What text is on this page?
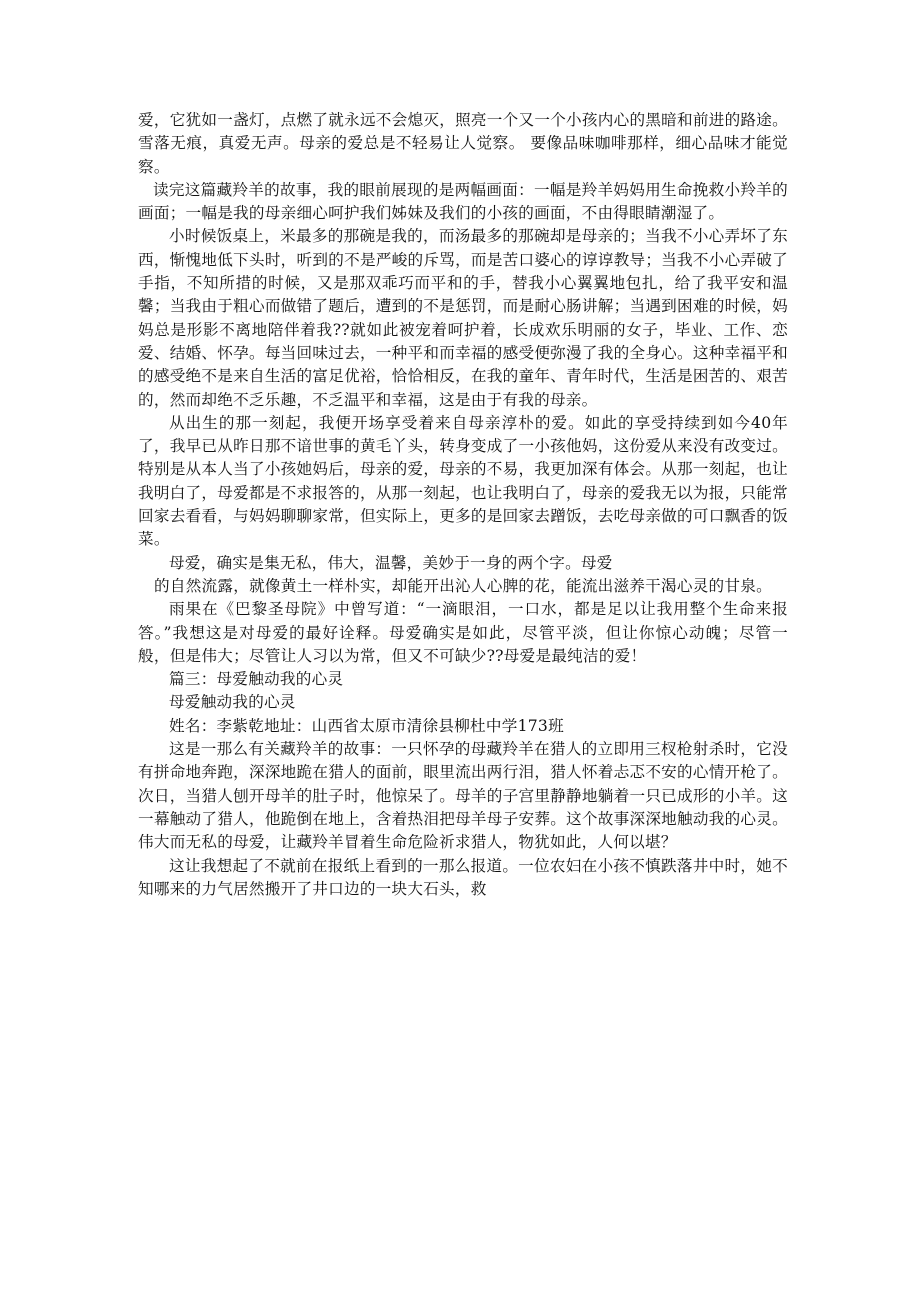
爱，它犹如一盏灯，点燃了就永远不会熄灭，照亮一个又一个小孩内心的黑暗和前进的路途。雪落无痕，真爱无声。母亲的爱总是不轻易让人觉察。 要像品味咖啡那样，细心品味才能觉察。

读完这篇藏羚羊的故事，我的眼前展现的是两幅画面：一幅是羚羊妈妈用生命挽救小羚羊的画面；一幅是我的母亲细心呵护我们姊妹及我们的小孩的画面，不由得眼睛潮湿了。

小时候饭桌上，米最多的那碗是我的，而汤最多的那碗却是母亲的；当我不小心弄坏了东西，惭愧地低下头时，听到的不是严峻的斥骂，而是苦口婆心的谆谆教导；当我不小心弄破了手指，不知所措的时候，又是那双乖巧而平和的手，替我小心翼翼地包扎，给了我平安和温馨；当我由于粗心而做错了题后，遭到的不是惩罚，而是耐心肠讲解；当遇到困难的时候，妈妈总是形影不离地陪伴着我??就如此被宠着呵护着，长成欢乐明丽的女子，毕业、工作、恋爱、结婚、怀孕。每当回味过去，一种平和而幸福的感受便弥漫了我的全身心。这种幸福平和的感受绝不是来自生活的富足优裕，恰恰相反，在我的童年、青年时代，生活是困苦的、艰苦的，然而却绝不乏乐趣，不乏温平和幸福，这是由于有我的母亲。

从出生的那一刻起，我便开场享受着来自母亲淳朴的爱。如此的享受持续到如今40年了，我早已从昨日那不谙世事的黄毛丫头，转身变成了一小孩他妈，这份爱从来没有改变过。特别是从本人当了小孩她妈后，母亲的爱，母亲的不易，我更加深有体会。从那一刻起，也让我明白了，母爱都是不求报答的，从那一刻起，也让我明白了，母亲的爱我无以为报，只能常回家去看看，与妈妈聊聊家常，但实际上，更多的是回家去蹭饭，去吃母亲做的可口飘香的饭菜。

母爱，确实是集无私，伟大，温馨，美妙于一身的两个字。母爱

的自然流露，就像黄土一样朴实，却能开出沁人心脾的花，能流出滋养干渴心灵的甘泉。

雨果在《巴黎圣母院》中曾写道：“一滴眼泪，一口水，都是足以让我用整个生命来报答。”我想这是对母爱的最好诠释。母爱确实是如此，尽管平淡，但让你惊心动魄；尽管一般，但是伟大；尽管让人习以为常，但又不可缺少??母爱是最纯洁的爱！

篇三：母爱触动我的心灵

母爱触动我的心灵

姓名：李紫乾地址：山西省太原市清徐县柳杜中学173班

这是一那么有关藏羚羊的故事：一只怀孕的母藏羚羊在猎人的立即用三杈枪射杀时，它没有拼命地奔跑，深深地跪在猎人的面前，眼里流出两行泪，猎人怀着忐忑不安的心情开枪了。次日，当猎人刨开母羊的肚子时，他惊呆了。母羊的子宫里静静地躺着一只已成形的小羊。这一幕触动了猎人，他跪倒在地上，含着热泪把母羊母子安葬。这个故事深深地触动我的心灵。伟大而无私的母爱，让藏羚羊冒着生命危险祈求猎人，物犹如此，人何以堪？

这让我想起了不就前在报纸上看到的一那么报道。一位农妇在小孩不慎跌落井中时，她不知哪来的力气居然搬开了井口边的一块大石头，救
